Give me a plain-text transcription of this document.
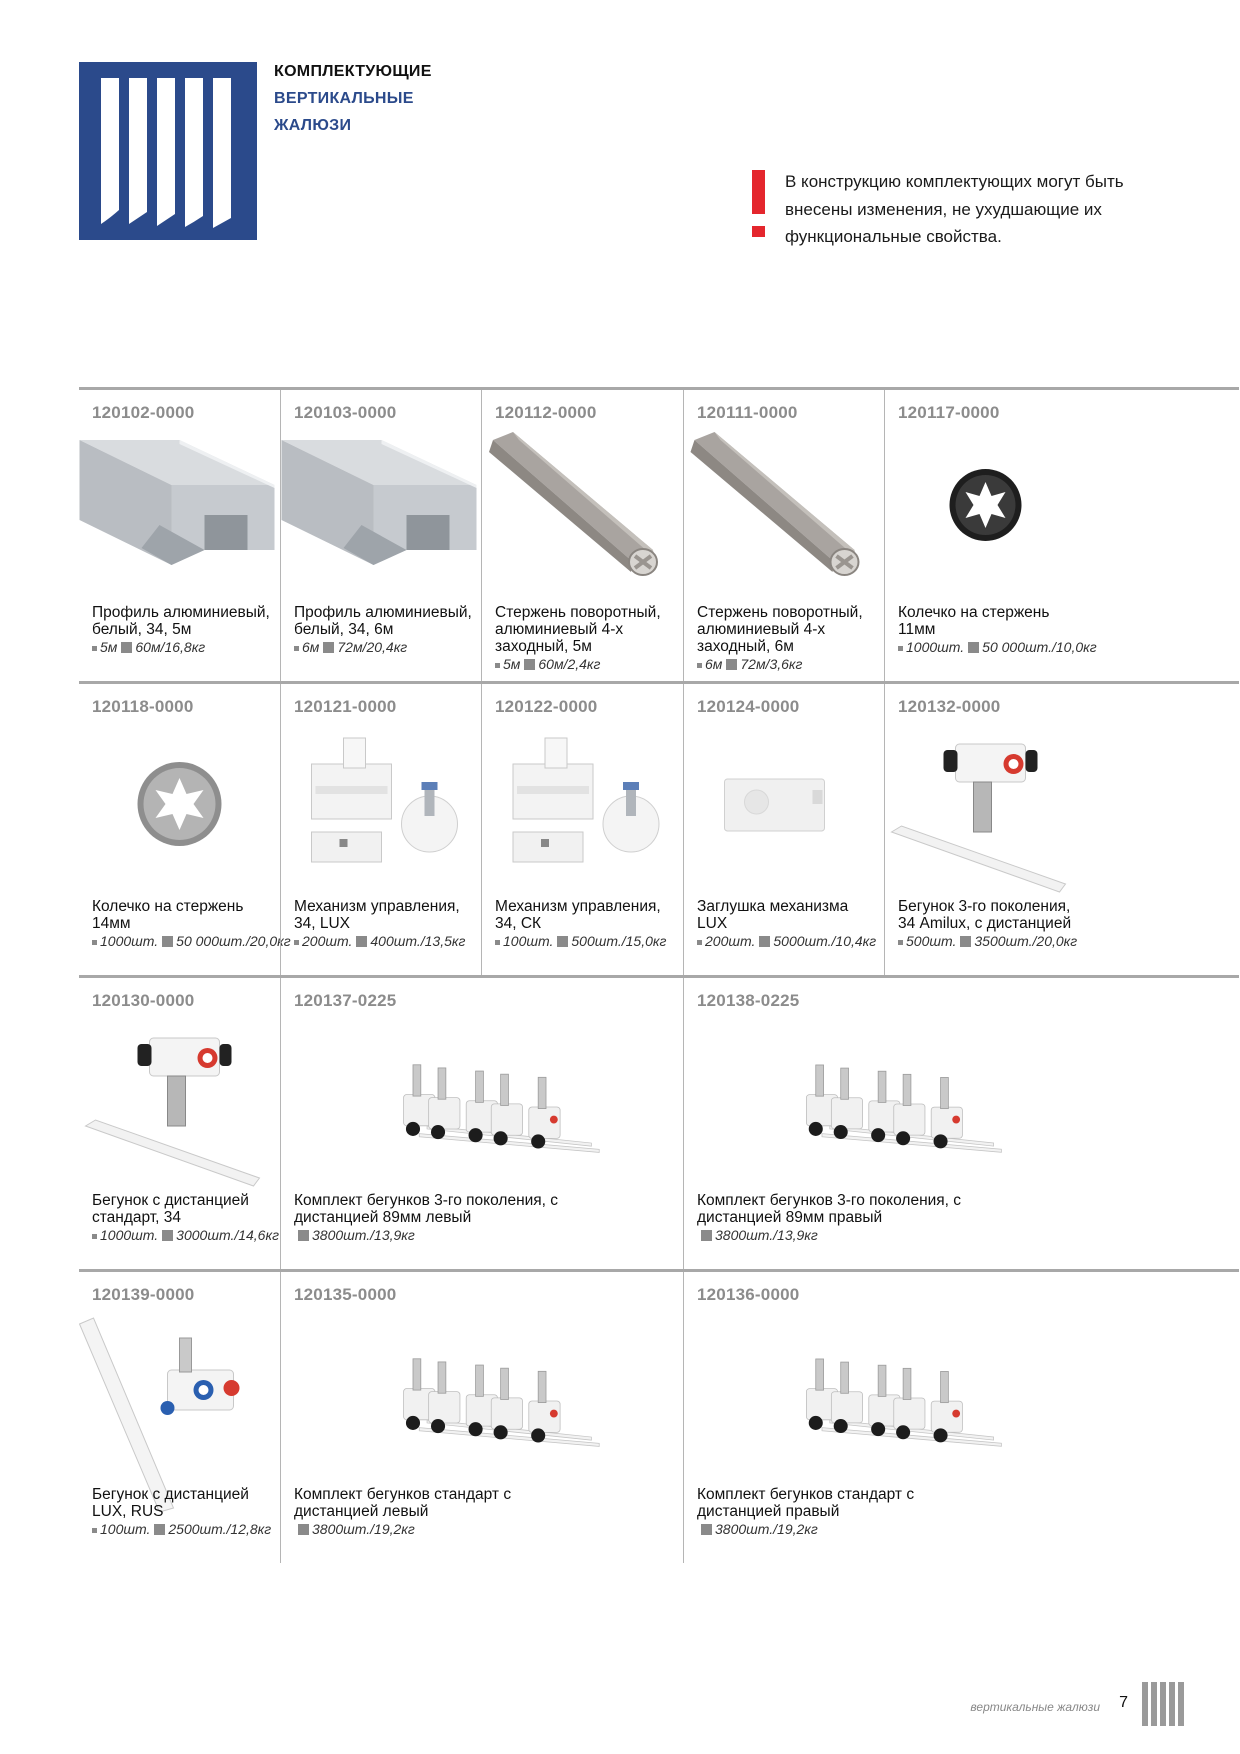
КОМПЛЕКТУЮЩИЕ
ВЕРТИКАЛЬНЫЕ
ЖАЛЮЗИ
В конструкцию комплектующих могут быть внесены изменения, не ухудшающие их функциональные свойства.
120102-0000
Профиль алюминиевый, белый, 34, 5м
5м 60м/16,8кг
120103-0000
Профиль алюминиевый, белый, 34, 6м
6м 72м/20,4кг
120112-0000
Стержень поворотный, алюминиевый 4-х заходный, 5м
5м 60м/2,4кг
120111-0000
Стержень поворотный, алюминиевый 4-х заходный, 6м
6м 72м/3,6кг
120117-0000
Колечко на стержень 11мм
1000шт. 50 000шт./10,0кг
120118-0000
Колечко на стержень 14мм
1000шт. 50 000шт./20,0кг
120121-0000
Механизм управления, 34, LUX
200шт. 400шт./13,5кг
120122-0000
Механизм управления, 34, СК
100шт. 500шт./15,0кг
120124-0000
Заглушка механизма LUX
200шт. 5000шт./10,4кг
120132-0000
Бегунок 3-го поколения, 34 Amilux, с дистанцией
500шт. 3500шт./20,0кг
120130-0000
Бегунок с дистанцией стандарт, 34
1000шт. 3000шт./14,6кг
120137-0225
Комплект бегунков 3-го поколения, с дистанцией 89мм левый
3800шт./13,9кг
120138-0225
Комплект бегунков 3-го поколения, с дистанцией 89мм правый
3800шт./13,9кг
120139-0000
Бегунок с дистанцией LUX, RUS
100шт. 2500шт./12,8кг
120135-0000
Комплект бегунков стандарт с дистанцией левый
3800шт./19,2кг
120136-0000
Комплект бегунков стандарт с дистанцией правый
3800шт./19,2кг
вертикальные жалюзи 7
